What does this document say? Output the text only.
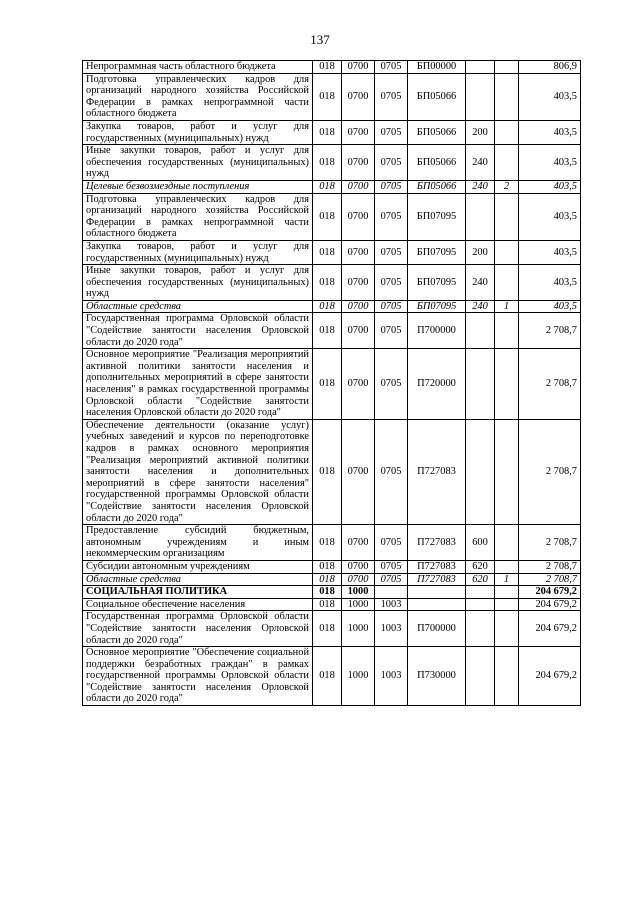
137
Непрограммная часть областного бюджета	018	0700	0705	БП00000			806,9
Подготовка управленческих кадров для организаций народного хозяйства Российской Федерации в рамках непрограммной части областного бюджета	018	0700	0705	БП05066			403,5
Закупка товаров, работ и услуг для государственных (муниципальных) нужд	018	0700	0705	БП05066	200		403,5
Иные закупки товаров, работ и услуг для обеспечения государственных (муниципальных) нужд	018	0700	0705	БП05066	240		403,5
Целевые безвозмездные поступления	018	0700	0705	БП05066	240	2	403,5
Подготовка управленческих кадров для организаций народного хозяйства Российской Федерации в рамках непрограммной части областного бюджета	018	0700	0705	БП07095			403,5
Закупка товаров, работ и услуг для государственных (муниципальных) нужд	018	0700	0705	БП07095	200		403,5
Иные закупки товаров, работ и услуг для обеспечения государственных (муниципальных) нужд	018	0700	0705	БП07095	240		403,5
Областные средства	018	0700	0705	БП07095	240	1	403,5
Государственная программа Орловской области "Содействие занятости населения Орловской области до 2020 года"	018	0700	0705	П700000			2 708,7
Основное мероприятие "Реализация мероприятий активной политики занятости населения и дополнительных мероприятий в сфере занятости населения" в рамках государственной программы Орловской области "Содействие занятости населения Орловской области до 2020 года"	018	0700	0705	П720000			2 708,7
Обеспечение деятельности (оказание услуг) учебных заведений и курсов по переподготовке кадров в рамках основного мероприятия "Реализация мероприятий активной политики занятости населения и дополнительных мероприятий в сфере занятости населения" государственной программы Орловской области "Содействие занятости населения Орловской области до 2020 года"	018	0700	0705	П727083			2 708,7
Предоставление субсидий бюджетным, автономным учреждениям и иным некоммерческим организациям	018	0700	0705	П727083	600		2 708,7
Субсидии автономным учреждениям	018	0700	0705	П727083	620		2 708,7
Областные средства	018	0700	0705	П727083	620	1	2 708,7
СОЦИАЛЬНАЯ ПОЛИТИКА	018	1000					204 679,2
Социальное обеспечение населения	018	1000	1003				204 679,2
Государственная программа Орловской области "Содействие занятости населения Орловской области до 2020 года"	018	1000	1003	П700000			204 679,2
Основное мероприятие "Обеспечение социальной поддержки безработных граждан" в рамках государственной программы Орловской области "Содействие занятости населения Орловской области до 2020 года"	018	1000	1003	П730000			204 679,2
